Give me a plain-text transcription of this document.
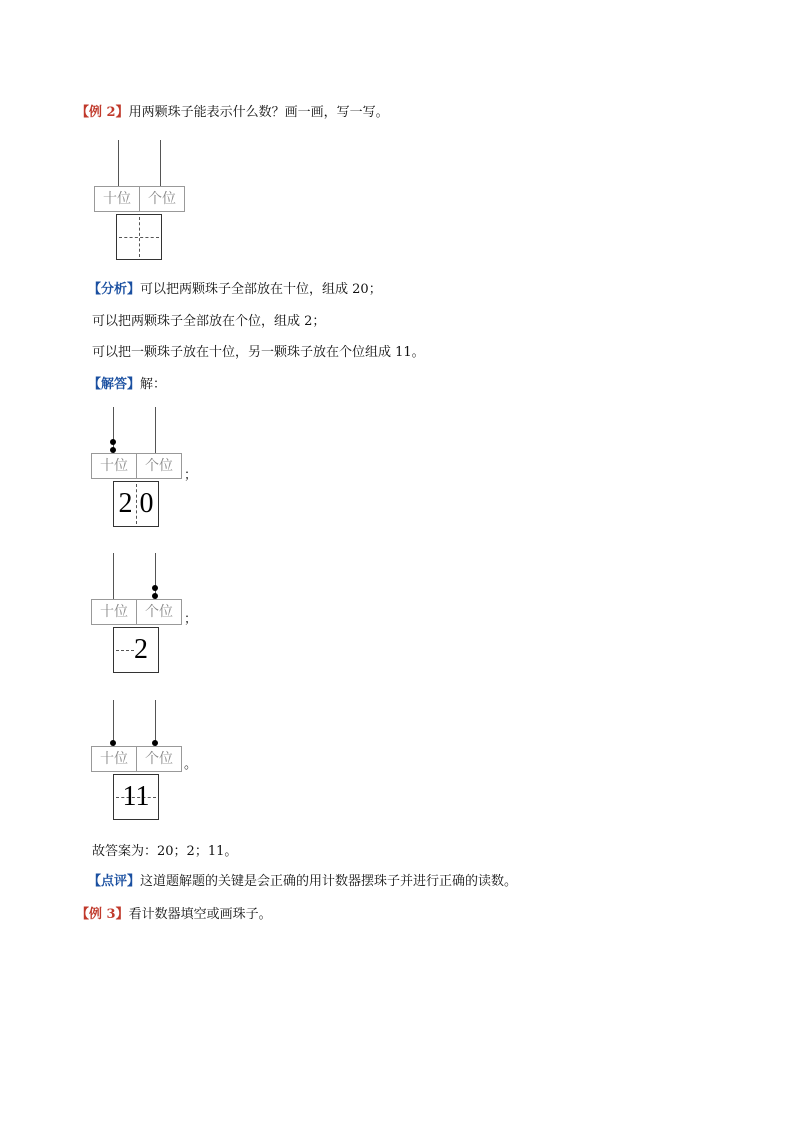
【例 2】用两颗珠子能表示什么数？画一画，写一写。
十位	个位
【分析】可以把两颗珠子全部放在十位，组成 20；
可以把两颗珠子全部放在个位，组成 2；
可以把一颗珠子放在十位，另一颗珠子放在个位组成 11。
【解答】解：
十位	个位
2 0
；
十位	个位
2
；
十位	个位
11
。
故答案为：20；2；11。
【点评】这道题解题的关键是会正确的用计数器摆珠子并进行正确的读数。
【例 3】看计数器填空或画珠子。
